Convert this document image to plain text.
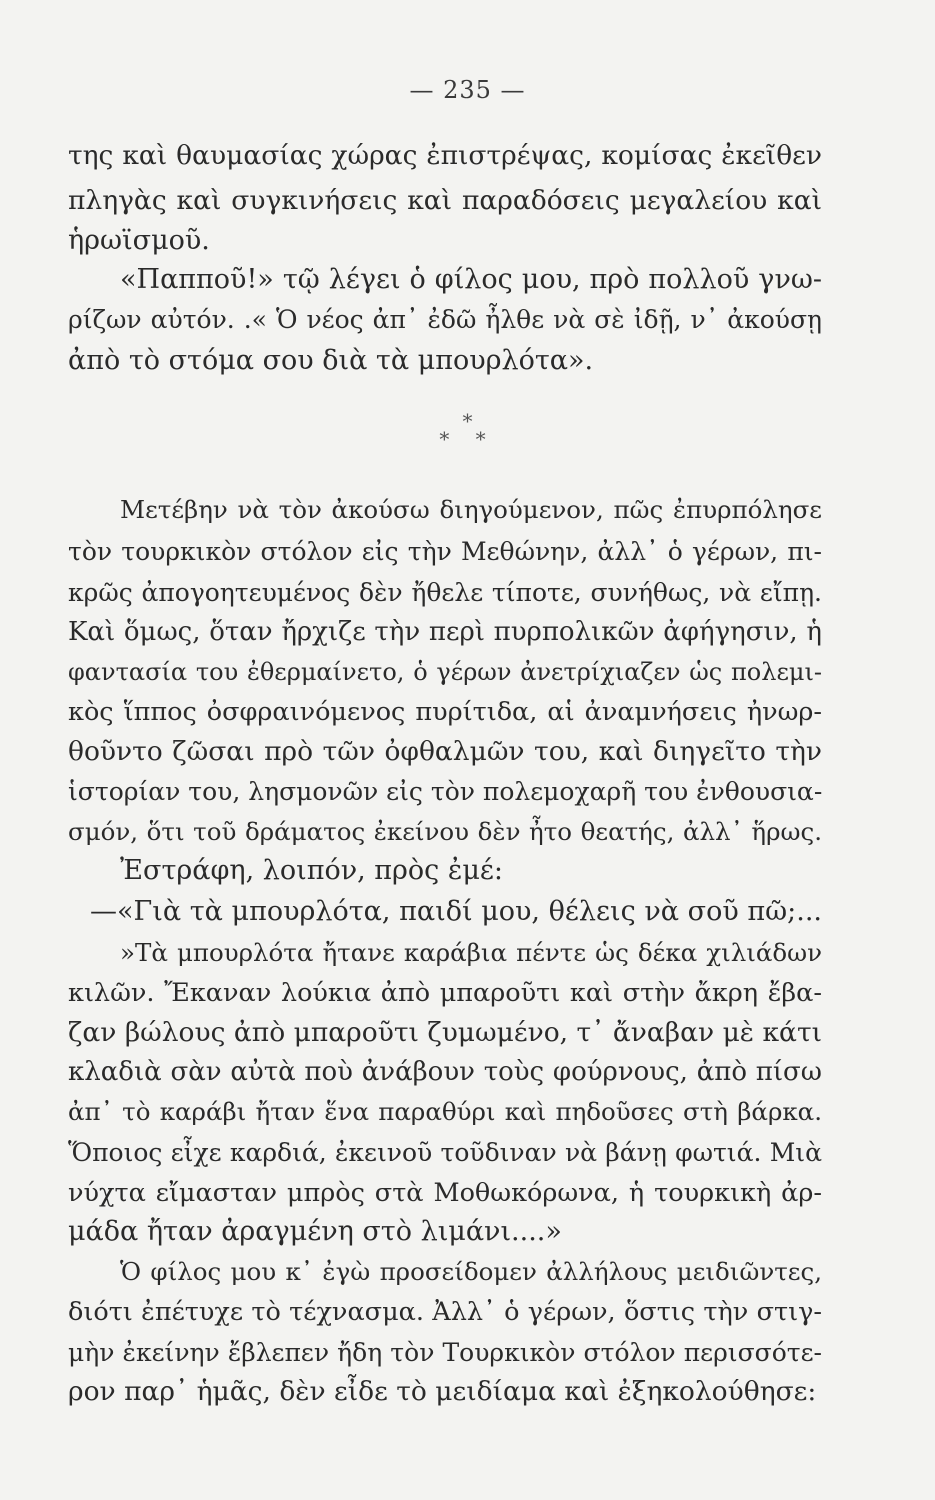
— 235 —
της καὶ θαυμασίας χώρας ἐπιστρέψας, κομίσας ἐκεῖθεν
πληγὰς καὶ συγκινήσεις καὶ παραδόσεις μεγαλείου καὶ
ἡρωϊσμοῦ.
«Παπποῦ!» τῷ λέγει ὁ φίλος μου, πρὸ πολλοῦ γνω-
ρίζων αὐτόν. .« Ὁ νέος ἀπ᾿ ἐδῶ ἦλθε νὰ σὲ ἰδῇ, ν᾿ ἀκούσῃ
ἀπὸ τὸ στόμα σου διὰ τὰ μπουρλότα».
*
* *
Μετέβην νὰ τὸν ἀκούσω διηγούμενον, πῶς ἐπυρπόλησε
τὸν τουρκικὸν στόλον εἰς τὴν Μεθώνην, ἀλλ᾿ ὁ γέρων, πι-
κρῶς ἀπογοητευμένος δὲν ἤθελε τίποτε, συνήθως, νὰ εἴπῃ.
Καὶ ὅμως, ὅταν ἤρχιζε τὴν περὶ πυρπολικῶν ἀφήγησιν, ἡ
φαντασία του ἐθερμαίνετο, ὁ γέρων ἀνετρίχιαζεν ὡς πολεμι-
κὸς ἵππος ὀσφραινόμενος πυρίτιδα, αἱ ἀναμνήσεις ἠνωρ-
θοῦντο ζῶσαι πρὸ τῶν ὀφθαλμῶν του, καὶ διηγεῖτο τὴν
ἱστορίαν του, λησμονῶν εἰς τὸν πολεμοχαρῆ του ἐνθουσια-
σμόν, ὅτι τοῦ δράματος ἐκείνου δὲν ἦτο θεατής, ἀλλ᾿ ἥρως.
Ἐστράφη, λοιπόν, πρὸς ἐμέ:
—«Γιὰ τὰ μπουρλότα, παιδί μου, θέλεις νὰ σοῦ πῶ;...
»Τὰ μπουρλότα ἤτανε καράβια πέντε ὡς δέκα χιλιάδων
κιλῶν. Ἔκαναν λούκια ἀπὸ μπαροῦτι καὶ στὴν ἄκρη ἔβα-
ζαν βώλους ἀπὸ μπαροῦτι ζυμωμένο, τ᾿ ἄναβαν μὲ κάτι
κλαδιὰ σὰν αὐτὰ ποὺ ἀνάβουν τοὺς φούρνους, ἀπὸ πίσω
ἀπ᾿ τὸ καράβι ἤταν ἕνα παραθύρι καὶ πηδοῦσες στὴ βάρκα.
Ὅποιος εἶχε καρδιά, ἐκεινοῦ τοῦδιναν νὰ βάνῃ φωτιά. Μιὰ
νύχτα εἴμασταν μπρὸς στὰ Μοθωκόρωνα, ἡ τουρκικὴ ἀρ-
μάδα ἤταν ἀραγμένη στὸ λιμάνι....»
Ὁ φίλος μου κ᾿ ἐγὼ προσείδομεν ἀλλήλους μειδιῶντες,
διότι ἐπέτυχε τὸ τέχνασμα. Ἀλλ᾿ ὁ γέρων, ὅστις τὴν στιγ-
μὴν ἐκείνην ἔβλεπεν ἤδη τὸν Τουρκικὸν στόλον περισσότε-
ρον παρ᾿ ἡμᾶς, δὲν εἶδε τὸ μειδίαμα καὶ ἐξηκολούθησε:
